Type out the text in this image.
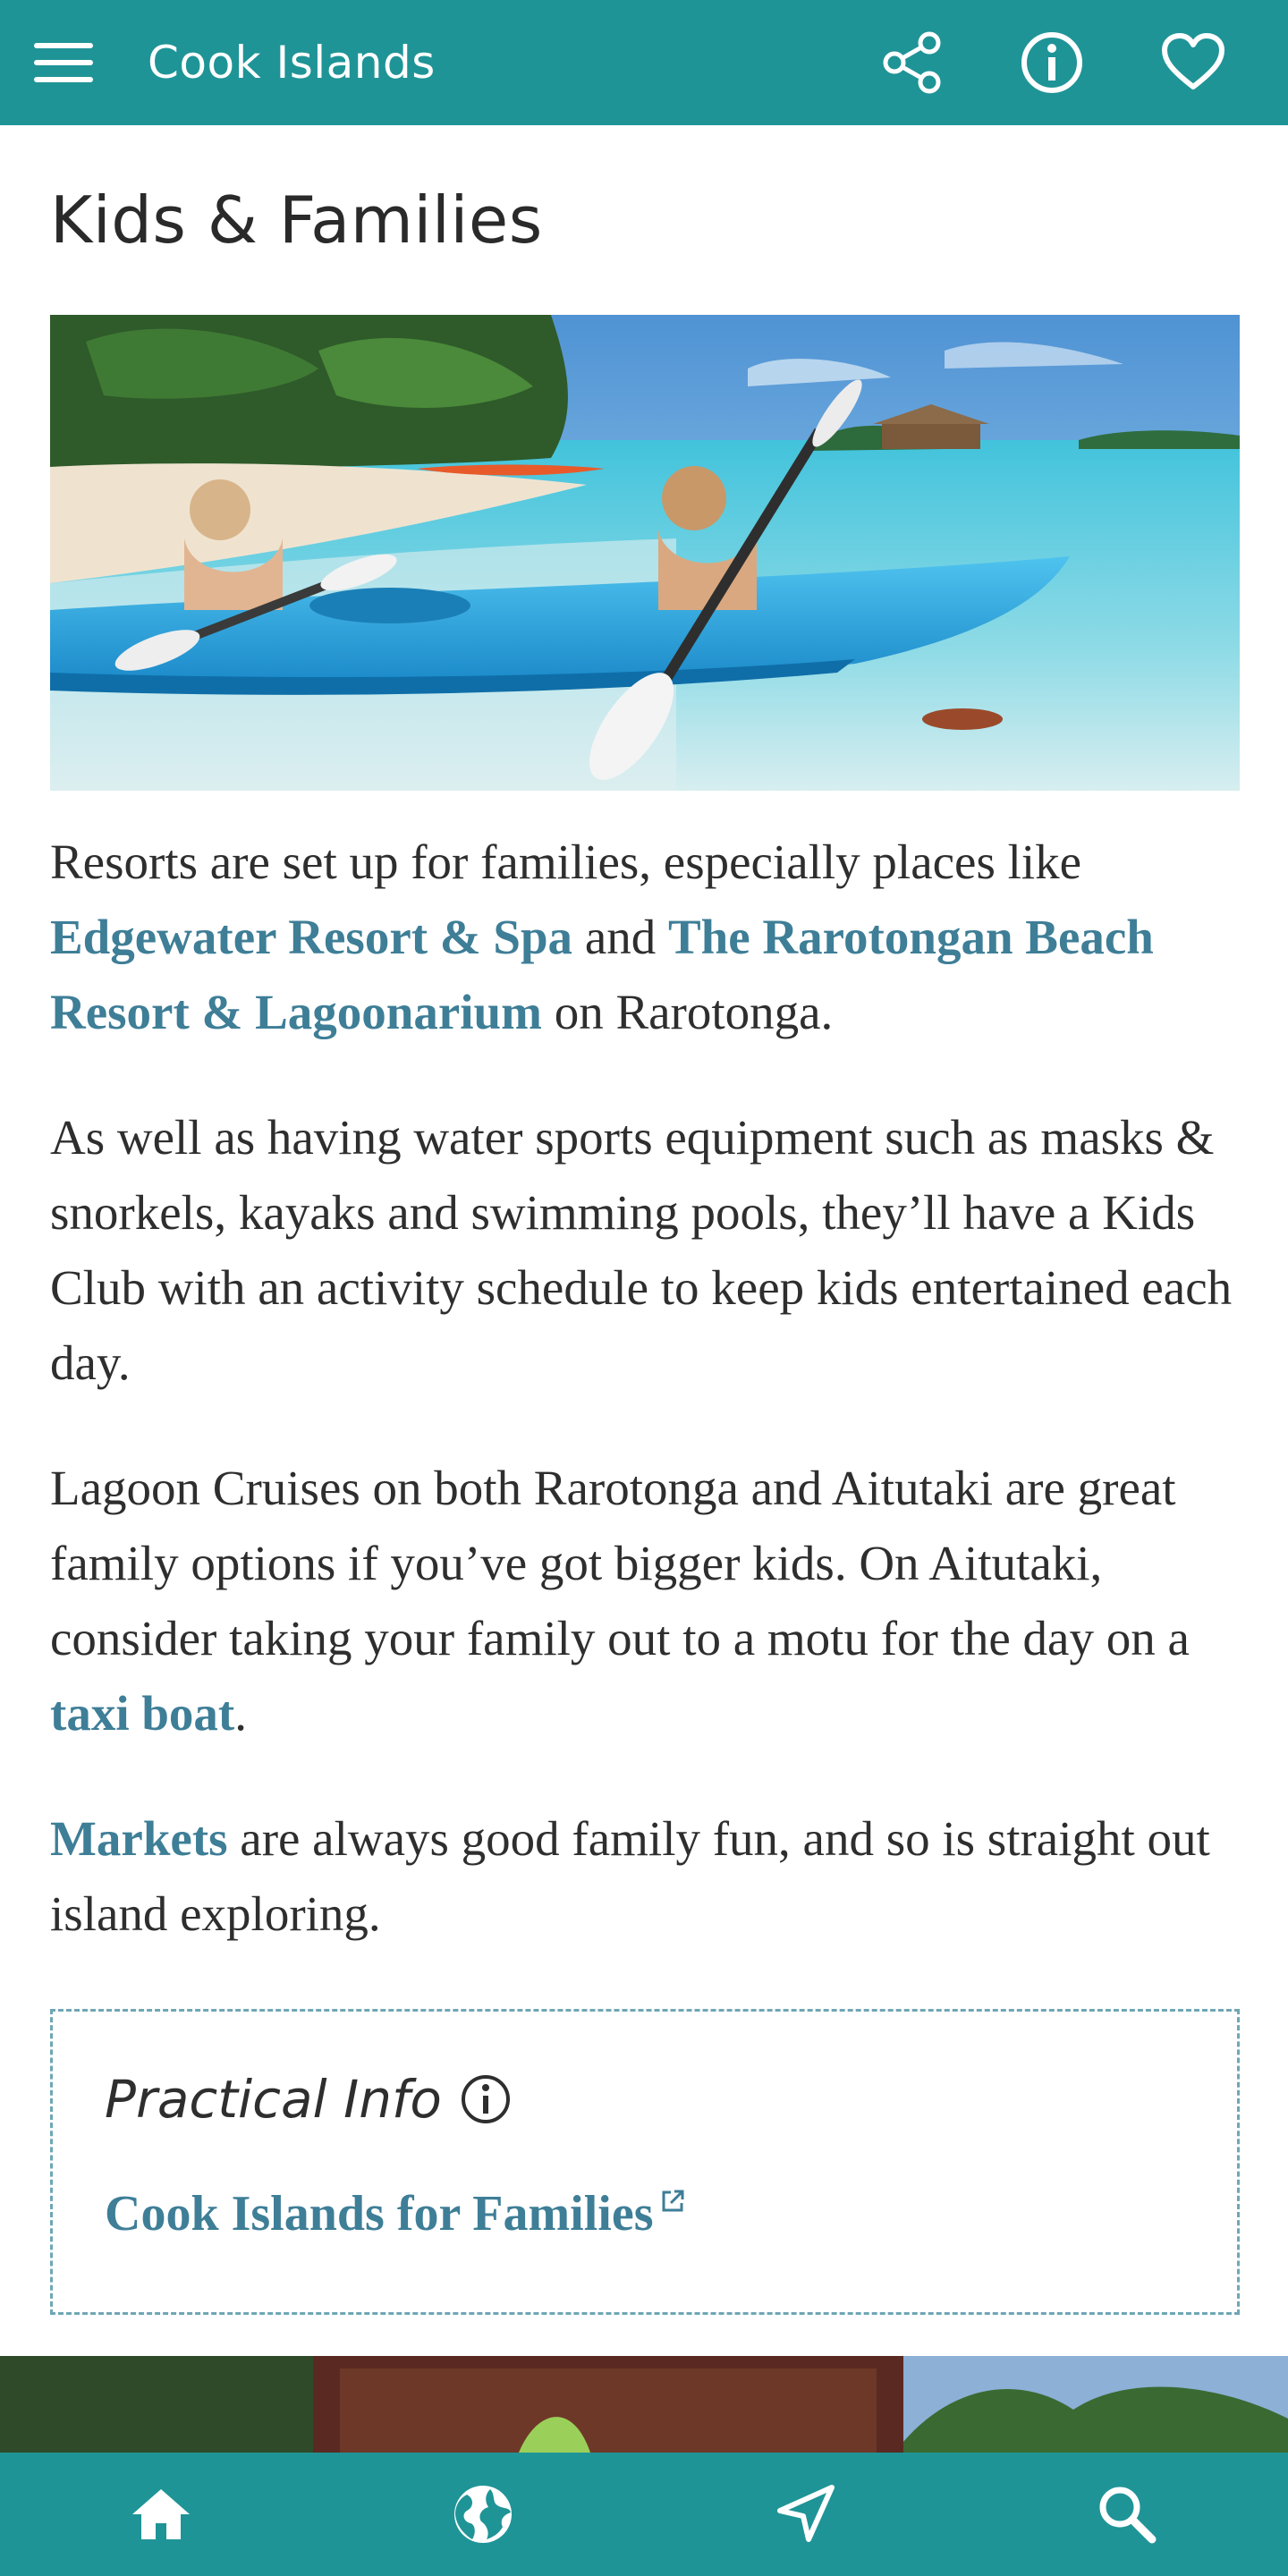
Cook Islands
Kids & Families

Resorts are set up for families, especially places like Edgewater Resort & Spa and The Rarotongan Beach Resort & Lagoonarium on Rarotonga.

As well as having water sports equipment such as masks & snorkels, kayaks and swimming pools, they’ll have a Kids Club with an activity schedule to keep kids entertained each day.

Lagoon Cruises on both Rarotonga and Aitutaki are great family options if you’ve got bigger kids. On Aitutaki, consider taking your family out to a motu for the day on a taxi boat.

Markets are always good family fun, and so is straight out island exploring.

Practical Info
Cook Islands for Families
